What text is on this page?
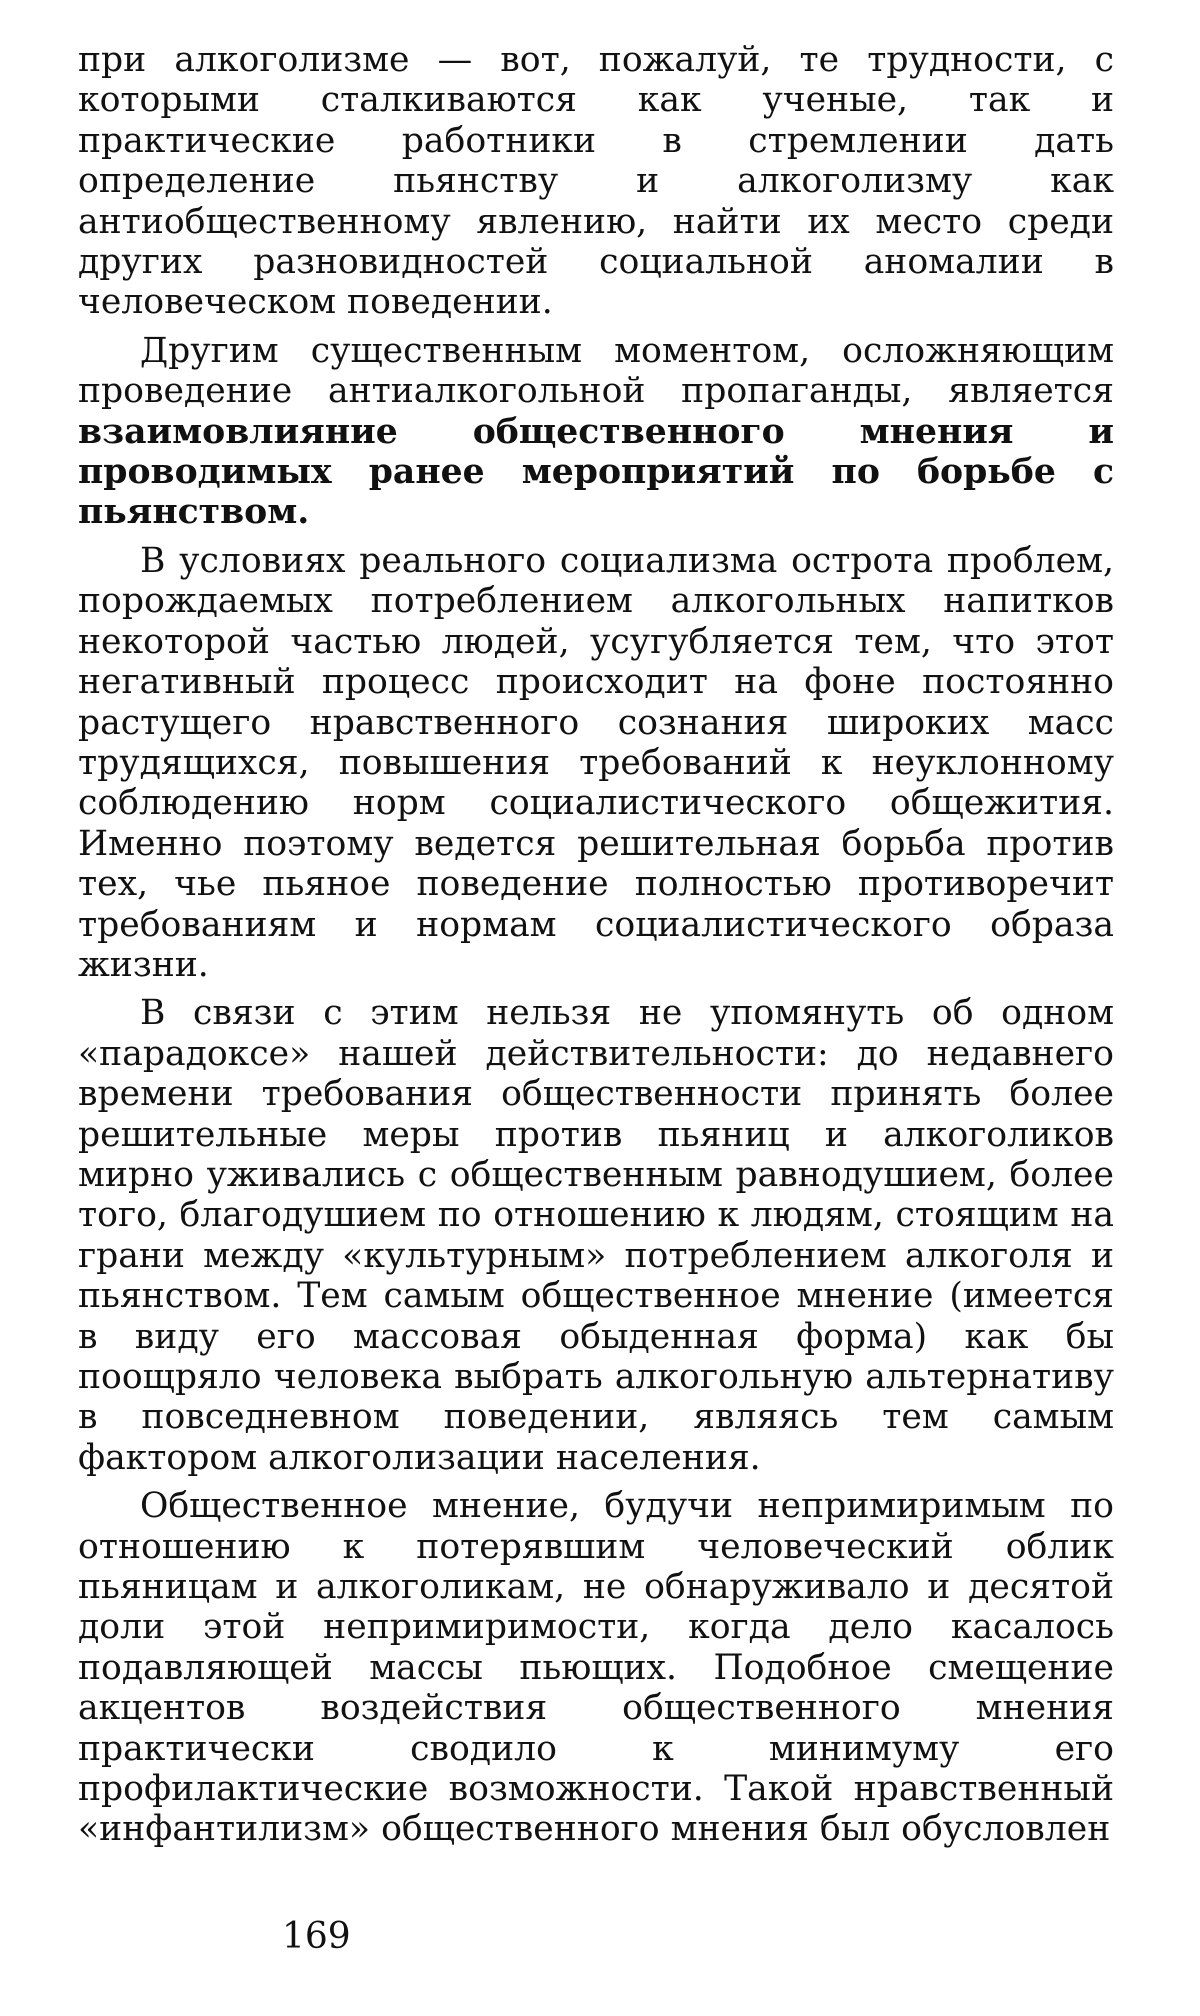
при алкоголизме — вот, пожалуй, те трудности, с которыми сталкиваются как ученые, так и практические работники в стремлении дать определение пьянству и алкоголизму как антиобщественному явлению, найти их место среди других разновидностей социальной аномалии в человеческом поведении.

Другим существенным моментом, осложняющим проведение антиалкогольной пропаганды, является взаимовлияние общественного мнения и проводимых ранее мероприятий по борьбе с пьянством.

В условиях реального социализма острота проблем, порождаемых потреблением алкогольных напитков некоторой частью людей, усугубляется тем, что этот негативный процесс происходит на фоне постоянно растущего нравственного сознания широких масс трудящихся, повышения требований к неуклонному соблюдению норм социалистического общежития. Именно поэтому ведется решительная борьба против тех, чье пьяное поведение полностью противоречит требованиям и нормам социалистического образа жизни.

В связи с этим нельзя не упомянуть об одном «парадоксе» нашей действительности: до недавнего времени требования общественности принять более решительные меры против пьяниц и алкоголиков мирно уживались с общественным равнодушием, более того, благодушием по отношению к людям, стоящим на грани между «культурным» потреблением алкоголя и пьянством. Тем самым общественное мнение (имеется в виду его массовая обыденная форма) как бы поощряло человека выбрать алкогольную альтернативу в повседневном поведении, являясь тем самым фактором алкоголизации населения.

Общественное мнение, будучи непримиримым по отношению к потерявшим человеческий облик пьяницам и алкоголикам, не обнаруживало и десятой доли этой непримиримости, когда дело касалось подавляющей массы пьющих. Подобное смещение акцентов воздействия общественного мнения практически сводило к минимуму его профилактические возможности. Такой нравственный «инфантилизм» общественного мнения был обусловлен

169
